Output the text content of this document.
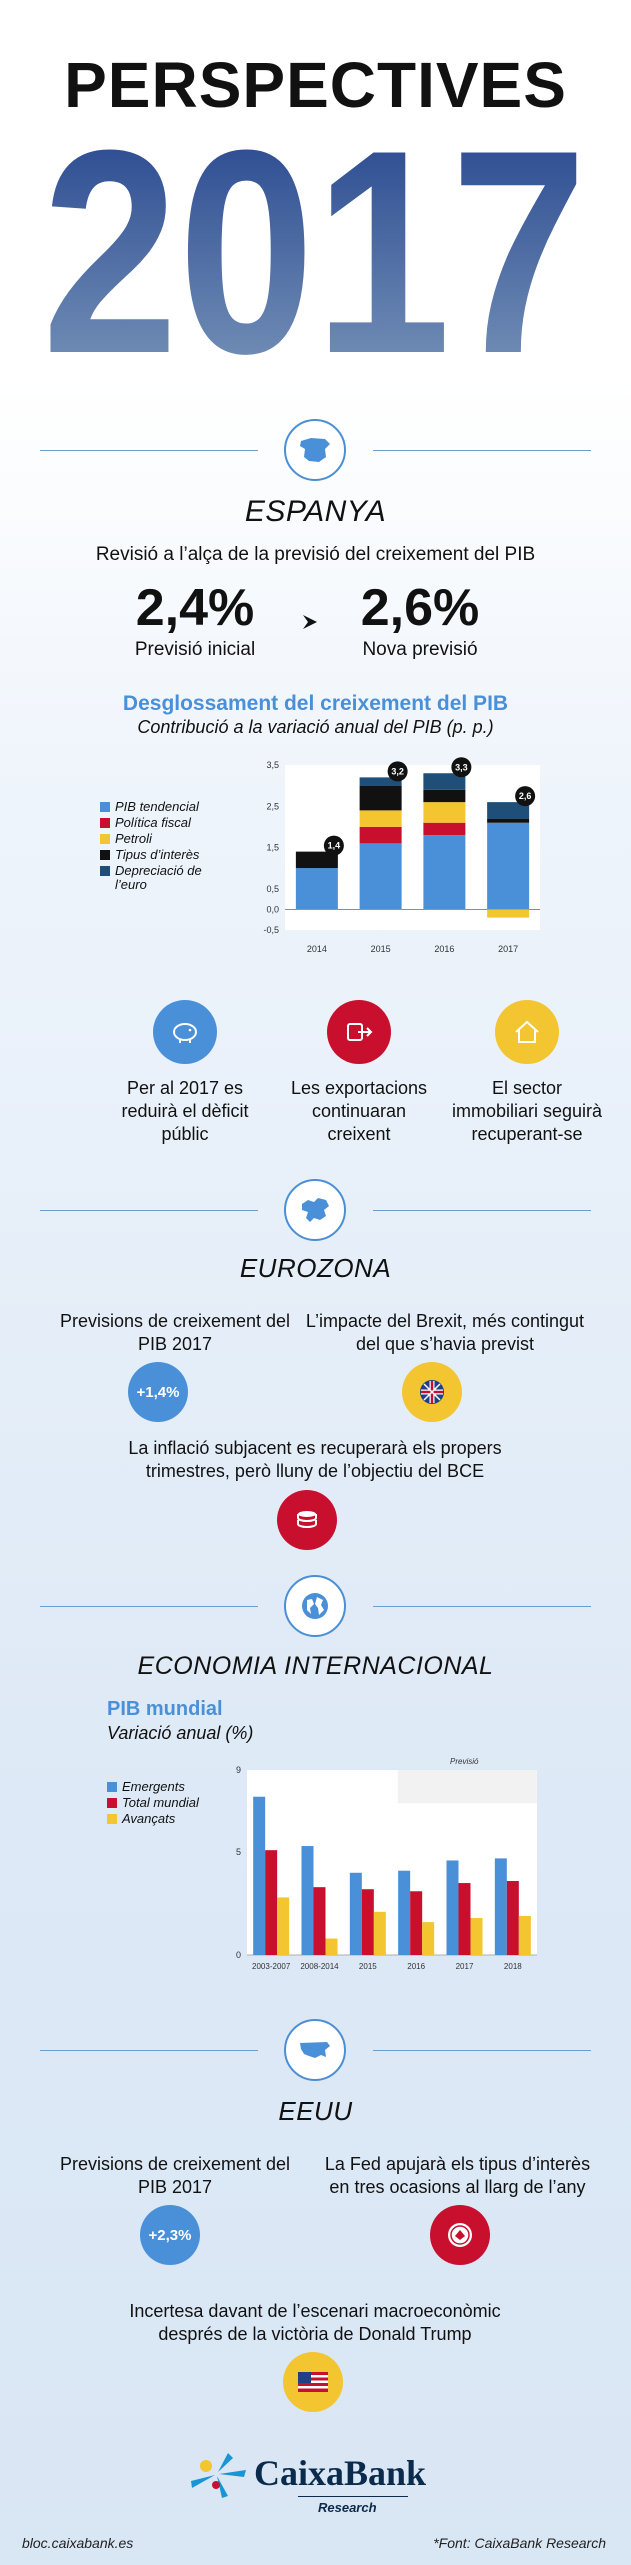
PERSPECTIVES
2017
ESPANYA
Revisió a l’alça de la previsió del creixement del PIB
2,4%
Previsió inicial
2,6%
Nova previsió
Desglossament del creixement del PIB
Contribució a la variació anual del PIB (p. p.)
PIB tendencial
Política fiscal
Petroli
Tipus d’interès
Depreciació de l’euro
3,5
2,5
1,5
0,5
0,0
-0,5
1,4
2014
3,2
2015
3,3
2016
2,6
2017
Per al 2017 es reduirà el dèficit públic
Les exportacions continuaran creixent
El sector immobiliari seguirà recuperant-se
EUROZONA
Previsions de creixement del PIB 2017
+1,4%
L’impacte del Brexit, més contingut del que s’havia previst
La inflació subjacent es recuperarà els propers trimestres, però lluny de l’objectiu del BCE
ECONOMIA INTERNACIONAL
PIB mundial
Variació anual (%)
Previsió
9
5
0
2003-2007 2008-2014	2015	2016	2017	2018
Emergents
Total mundial
Avançats
EEUU
Previsions de creixement del PIB 2017
+2,3%
La Fed apujarà els tipus d’interès en tres ocasions al llarg de l’any
Incertesa davant de l’escenari macroeconòmic després de la victòria de Donald Trump
CaixaBank
Research
bloc.caixabank.es	*Font: CaixaBank Research
